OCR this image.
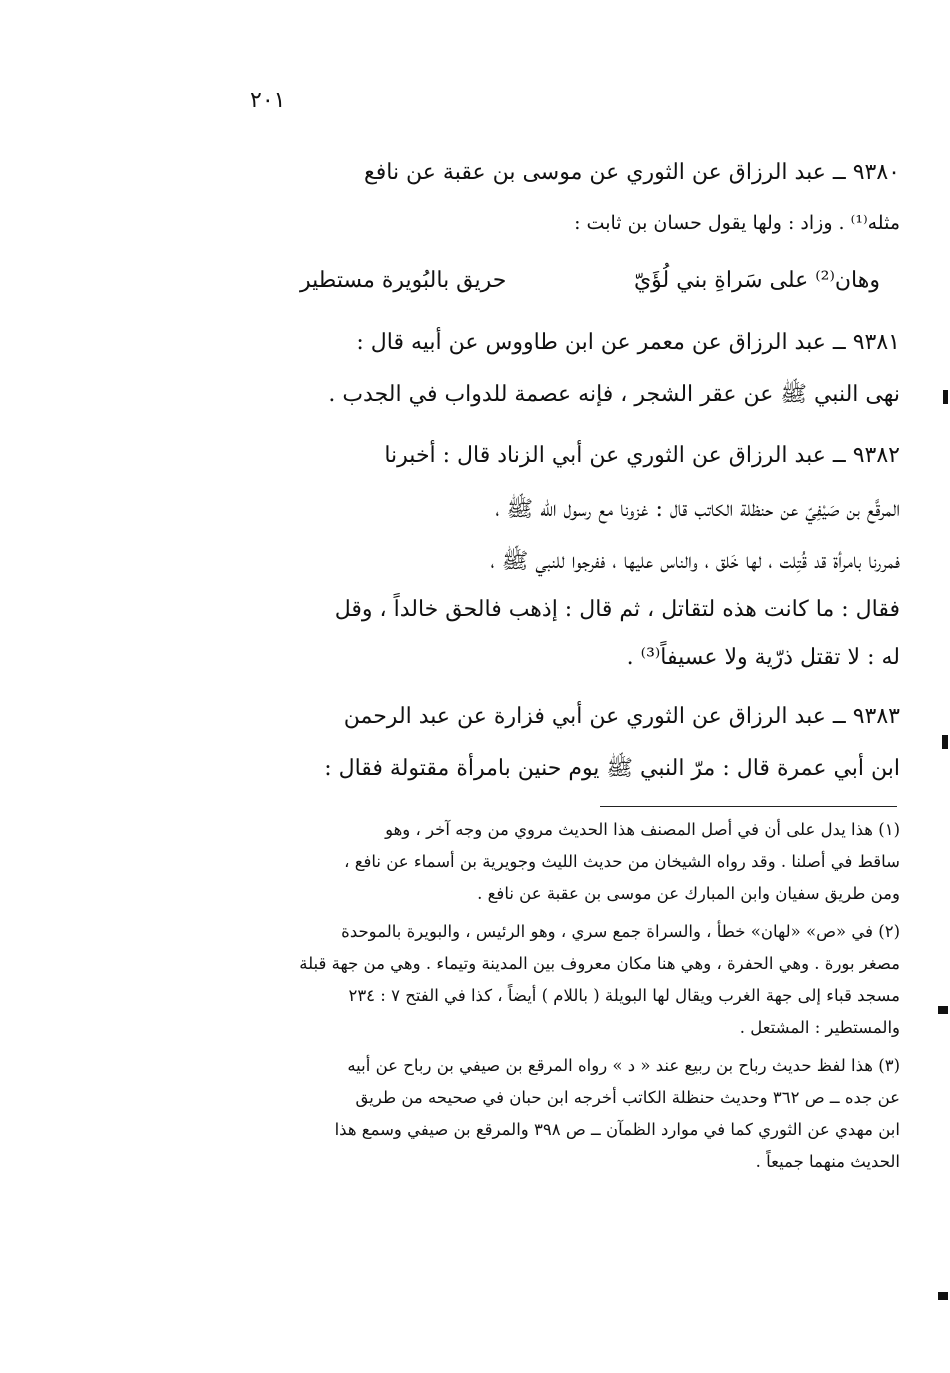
٢٠١
٩٣٨٠ ــ عبد الرزاق عن الثوري عن موسى بن عقبة عن نافع
مثله⁽¹⁾ . وزاد : ولها يقول حسان بن ثابت :
وهان⁽²⁾ على سَراةِ بني لُؤَيّ
حريق بالبُويرة مستطير
٩٣٨١ ــ عبد الرزاق عن معمر عن ابن طاووس عن أبيه قال :
نهى النبي ﷺ عن عقر الشجر ، فإنه عصمة للدواب في الجدب .
٩٣٨٢ ــ عبد الرزاق عن الثوري عن أبي الزناد قال : أخبرنا
المرقَّع بن صَيْفِيّ عن حنظلة الكاتب قال : غزونا مع رسول الله ﷺ ،
فمررنا بامرأة قد قُتِلت ، لها خَلق ، والناس عليها ، ففرجوا للنبي ﷺ ،
فقال : ما كانت هذه لتقاتل ، ثم قال : إذهب فالحق خالداً ، وقل
له : لا تقتل ذرّية ولا عسيفاً⁽³⁾ .
٩٣٨٣ ــ عبد الرزاق عن الثوري عن أبي فزارة عن عبد الرحمن
ابن أبي عمرة قال : مرّ النبي ﷺ يوم حنين بامرأة مقتولة فقال :
(١) هذا يدل على أن في أصل المصنف هذا الحديث مروي من وجه آخر ، وهو
ساقط في أصلنا . وقد رواه الشيخان من حديث الليث وجويرية بن أسماء عن نافع ،
ومن طريق سفيان وابن المبارك عن موسى بن عقبة عن نافع .
(٢) في «ص» «لهان» خطأ ، والسراة جمع سري ، وهو الرئيس ، والبويرة بالموحدة
مصغر بورة . وهي الحفرة ، وهي هنا مكان معروف بين المدينة وتيماء . وهي من جهة قبلة
مسجد قباء إلى جهة الغرب ويقال لها البويلة ( باللام ) أيضاً ، كذا في الفتح ٧ : ٢٣٤
والمستطير : المشتعل .
(٣) هذا لفظ حديث رباح بن ربيع عند « د » رواه المرقع بن صيفي بن رباح عن أبيه
عن جده ــ ص ٣٦٢ وحديث حنظلة الكاتب أخرجه ابن حبان في صحيحه من طريق
ابن مهدي عن الثوري كما في موارد الظمآن ــ ص ٣٩٨ والمرقع بن صيفي وسمع هذا
الحديث منهما جميعاً .
